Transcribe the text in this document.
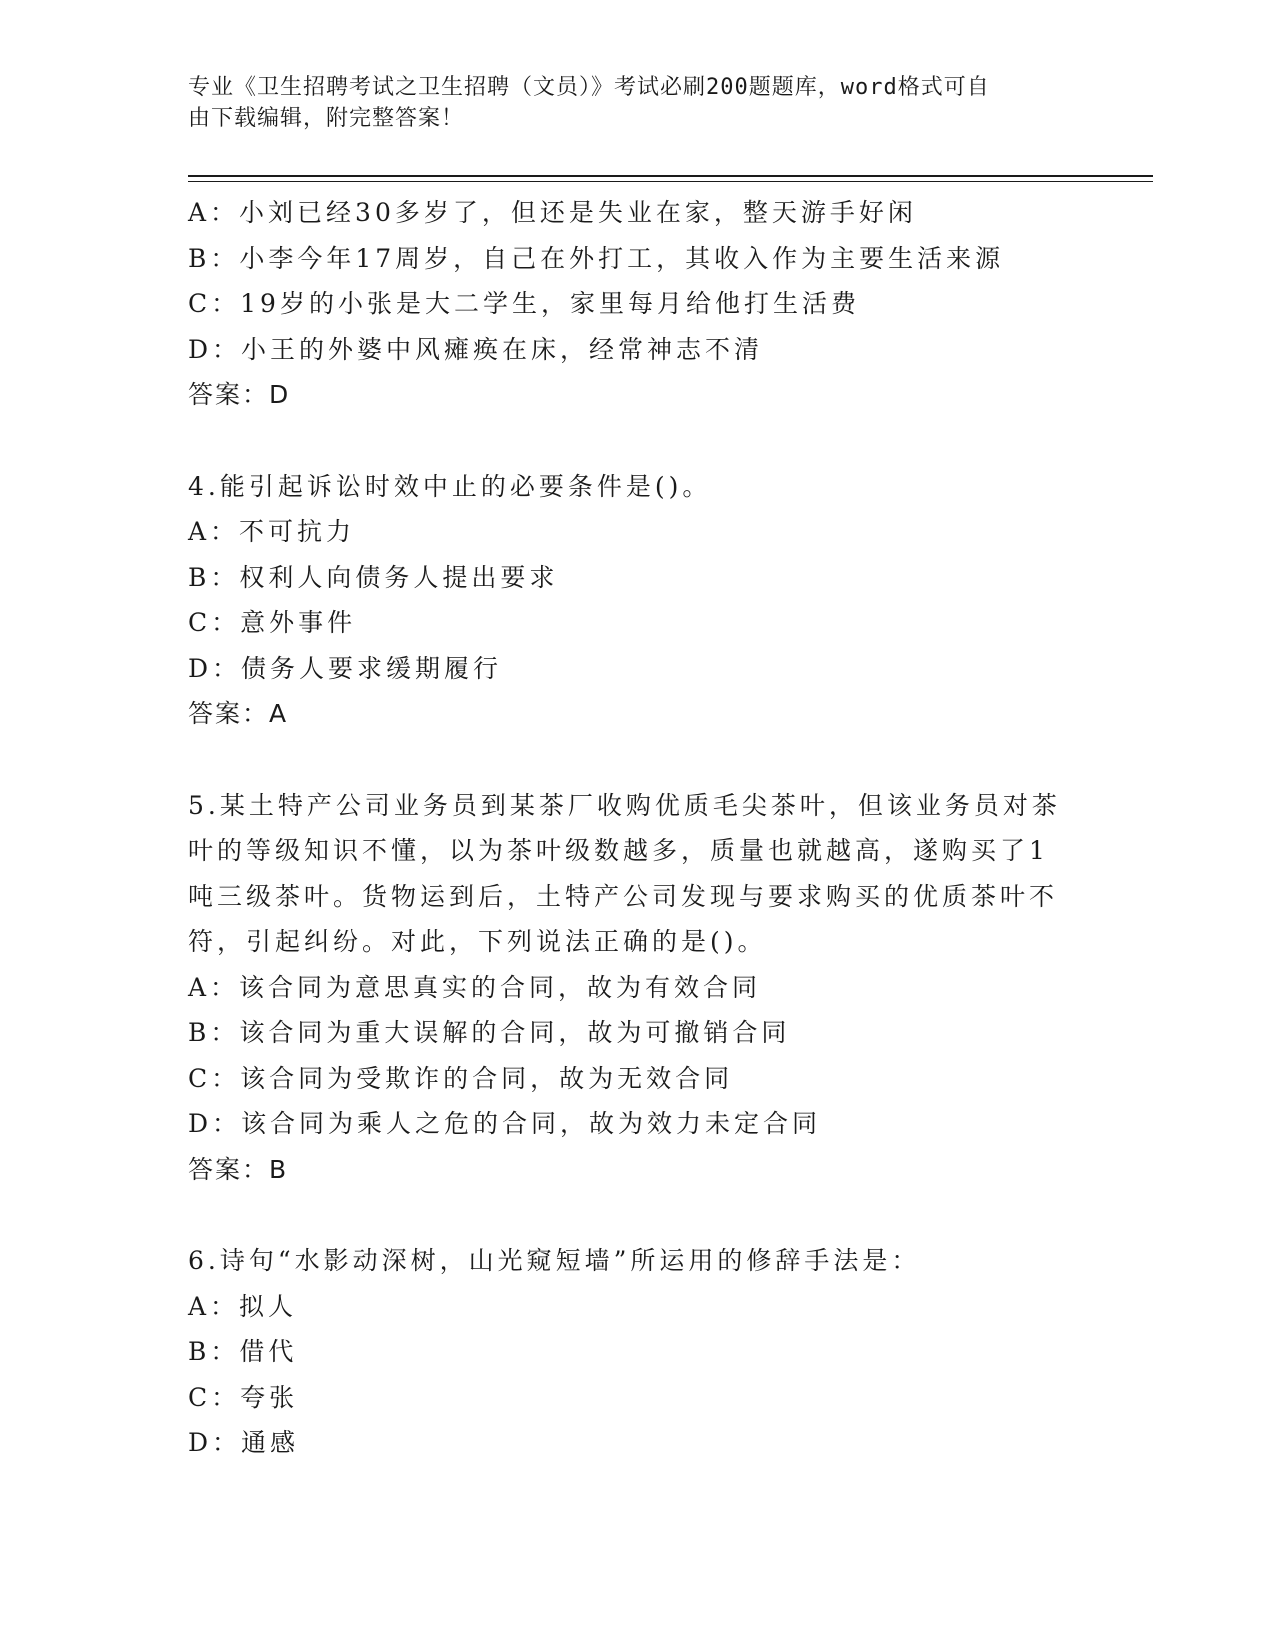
专业《卫生招聘考试之卫生招聘（文员）》考试必刷200题题库，word格式可自
由下载编辑，附完整答案！
A：小刘已经30多岁了，但还是失业在家，整天游手好闲
B：小李今年17周岁，自己在外打工，其收入作为主要生活来源
C：19岁的小张是大二学生，家里每月给他打生活费
D：小王的外婆中风瘫痪在床，经常神志不清
答案：D
4.能引起诉讼时效中止的必要条件是()。
A：不可抗力
B：权利人向债务人提出要求
C：意外事件
D：债务人要求缓期履行
答案：A
5.某土特产公司业务员到某茶厂收购优质毛尖茶叶，但该业务员对茶
叶的等级知识不懂，以为茶叶级数越多，质量也就越高，遂购买了1
吨三级茶叶。货物运到后，土特产公司发现与要求购买的优质茶叶不
符，引起纠纷。对此，下列说法正确的是()。
A：该合同为意思真实的合同，故为有效合同
B：该合同为重大误解的合同，故为可撤销合同
C：该合同为受欺诈的合同，故为无效合同
D：该合同为乘人之危的合同，故为效力未定合同
答案：B
6.诗句“水影动深树，山光窥短墙”所运用的修辞手法是：
A：拟人
B：借代
C：夸张
D：通感
